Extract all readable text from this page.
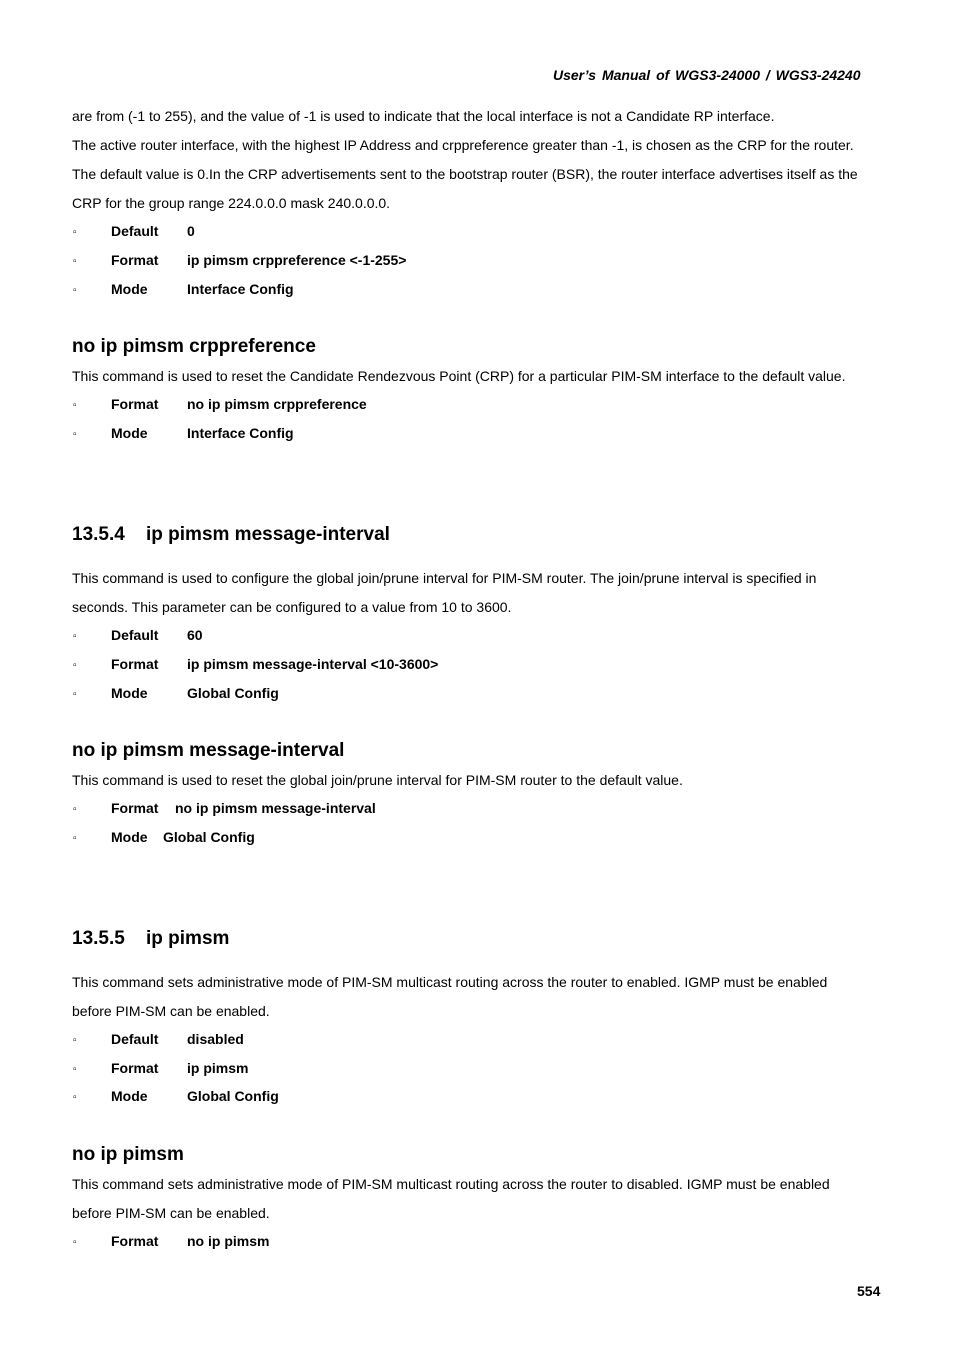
User’s Manual of WGS3-24000 / WGS3-24240
are from (-1 to 255), and the value of -1 is used to indicate that the local interface is not a Candidate RP interface.
The active router interface, with the highest IP Address and crppreference greater than -1, is chosen as the CRP for the router.
The default value is 0.In the CRP advertisements sent to the bootstrap router (BSR), the router interface advertises itself as the
CRP for the group range 224.0.0.0 mask 240.0.0.0.
▫ Default 0
▫ Format ip pimsm crppreference <-1-255>
▫ Mode	Interface Config
no ip pimsm crppreference
This command is used to reset the Candidate Rendezvous Point (CRP) for a particular PIM-SM interface to the default value.
▫ Format no ip pimsm crppreference
▫ Mode	Interface Config
13.5.4 ip pimsm message-interval
This command is used to configure the global join/prune interval for PIM-SM router. The join/prune interval is specified in
seconds. This parameter can be configured to a value from 10 to 3600.
▫ Default 60
▫ Format ip pimsm message-interval <10-3600>
▫ Mode	Global Config
no ip pimsm message-interval
This command is used to reset the global join/prune interval for PIM-SM router to the default value.
▫ Format no ip pimsm message-interval
▫ Mode Global Config
13.5.5 ip pimsm
This command sets administrative mode of PIM-SM multicast routing across the router to enabled. IGMP must be enabled
before PIM-SM can be enabled.
▫ Default disabled
▫ Format ip pimsm
▫ Mode	Global Config
no ip pimsm
This command sets administrative mode of PIM-SM multicast routing across the router to disabled. IGMP must be enabled
before PIM-SM can be enabled.
▫ Format no ip pimsm
554
